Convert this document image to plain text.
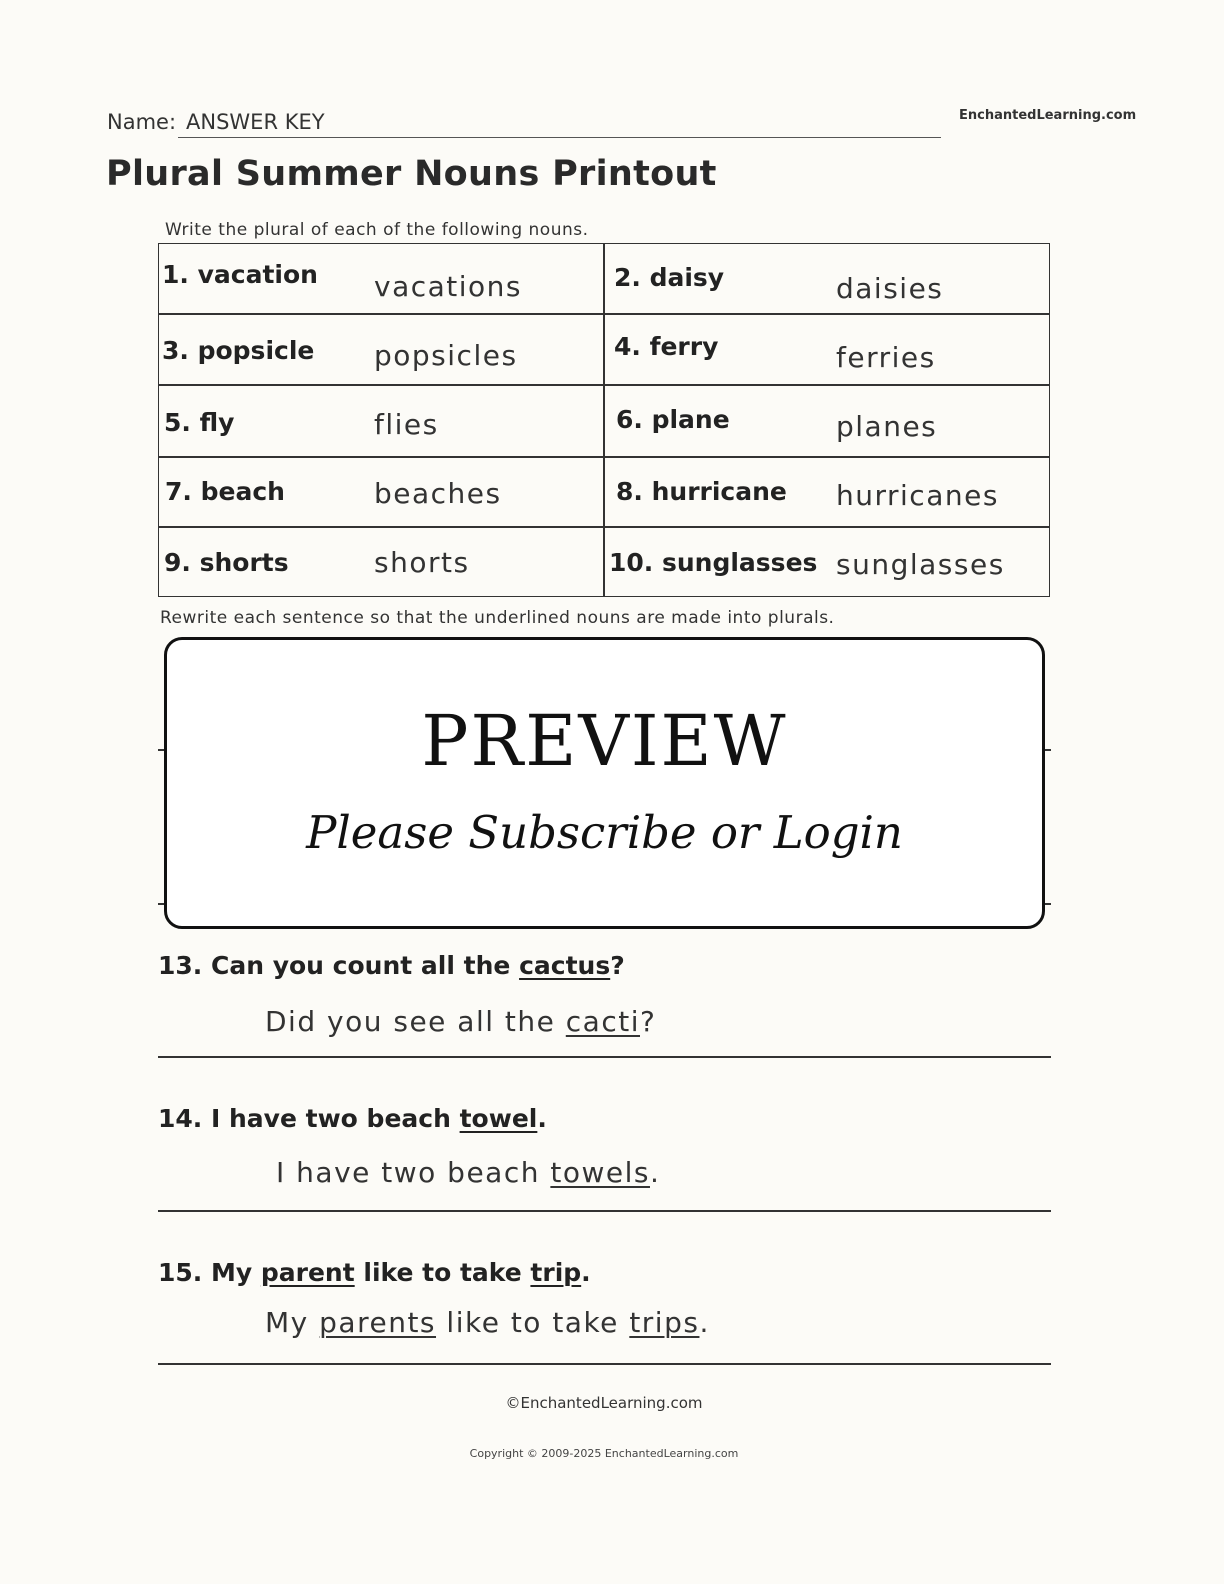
Name: ANSWER KEY	EnchantedLearning.com
Plural Summer Nouns Printout
Write the plural of each of the following nouns.
1. vacation vacations	2. daisy	daisies
3. popsicle popsicles	4. ferry	ferries
5. fly	flies	6. plane	planes
7. beach	beaches	8. hurricane hurricanes
9. shorts	shorts	10. sunglasses sunglasses
Rewrite each sentence so that the underlined nouns are made into plurals.
PREVIEW
Please Subscribe or Login
13. Can you count all the cactus?
Did you see all the cacti?
14. I have two beach towel.
I have two beach towels.
15. My parent like to take trip.
My parents like to take trips.
©EnchantedLearning.com
Copyright © 2009-2025 EnchantedLearning.com
